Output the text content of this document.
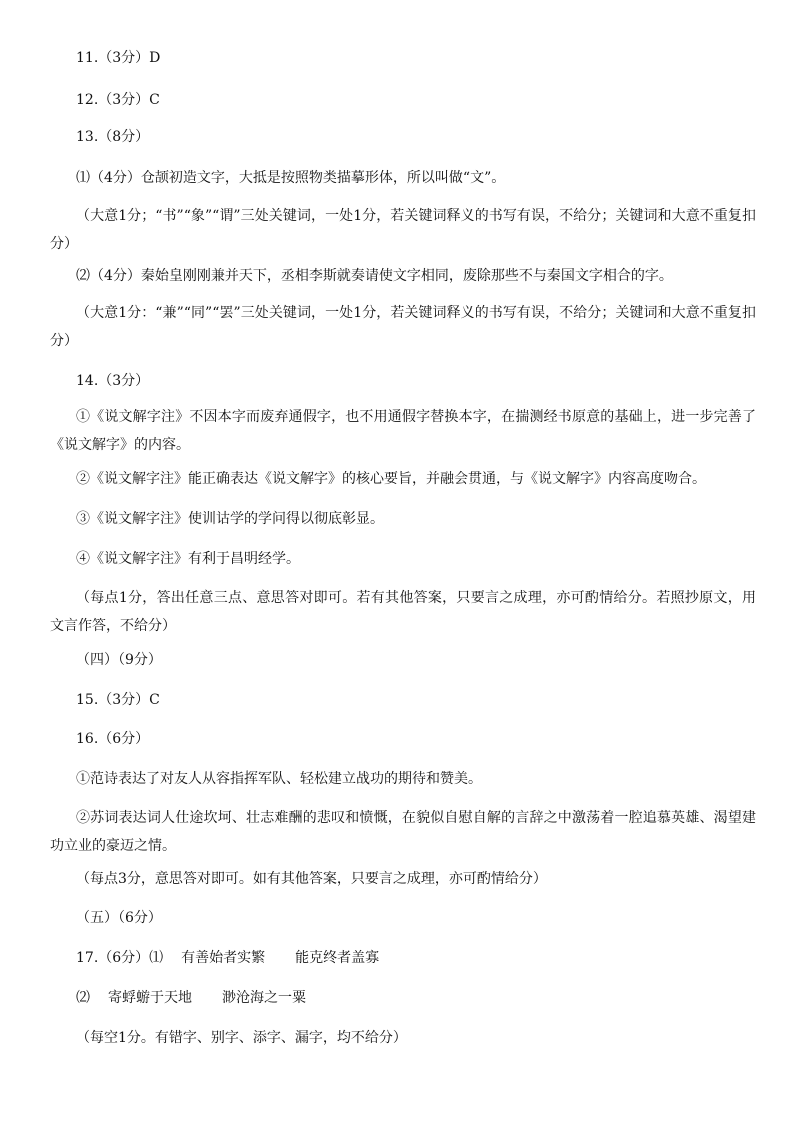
11.（3分）D
12.（3分）C
13.（8分）
⑴（4分）仓颉初造文字，大抵是按照物类描摹形体，所以叫做“文”。
（大意1分；“书”“象”“谓”三处关键词，一处1分，若关键词释义的书写有误，不给分；关键词和大意不重复扣分）
⑵（4分）秦始皇刚刚兼并天下，丞相李斯就奏请使文字相同，废除那些不与秦国文字相合的字。
（大意1分：“兼”“同”“罢”三处关键词，一处1分，若关键词释义的书写有误，不给分；关键词和大意不重复扣分）
14.（3分）
①《说文解字注》不因本字而废弃通假字，也不用通假字替换本字，在揣测经书原意的基础上，进一步完善了《说文解字》的内容。
②《说文解字注》能正确表达《说文解字》的核心要旨，并融会贯通，与《说文解字》内容高度吻合。
③《说文解字注》使训诂学的学问得以彻底彰显。
④《说文解字注》有利于昌明经学。
（每点1分，答出任意三点、意思答对即可。若有其他答案，只要言之成理，亦可酌情给分。若照抄原文，用文言作答，不给分）
（四）（9分）
15.（3分）C
16.（6分）
①范诗表达了对友人从容指挥军队、轻松建立战功的期待和赞美。
②苏词表达词人仕途坎坷、壮志难酬的悲叹和愤慨，在貌似自慰自解的言辞之中激荡着一腔追慕英雄、渴望建功立业的豪迈之情。
（每点3分，意思答对即可。如有其他答案，只要言之成理，亦可酌情给分）
（五）（6分）
17.（6分）⑴ 有善始者实繁 能克终者盖寡
⑵ 寄蜉蝣于天地 渺沧海之一粟
（每空1分。有错字、别字、添字、漏字，均不给分）
